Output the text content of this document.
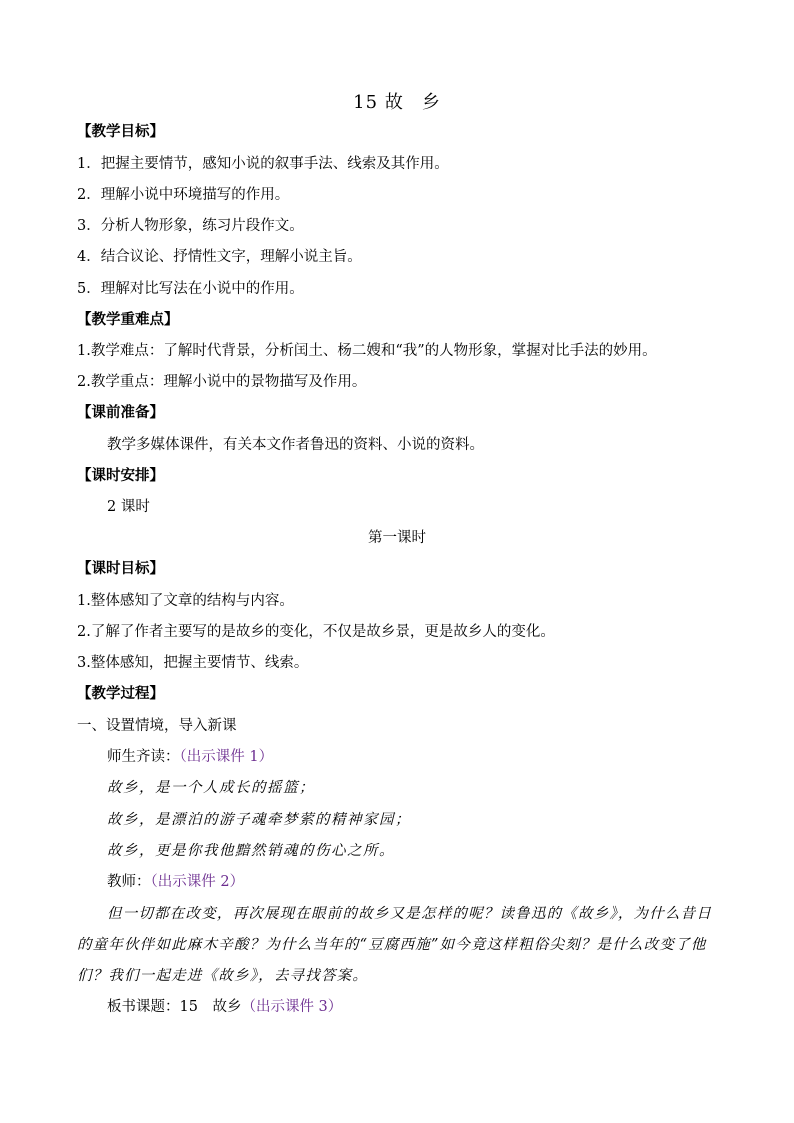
15 故 乡
【教学目标】
1．把握主要情节，感知小说的叙事手法、线索及其作用。
2．理解小说中环境描写的作用。
3．分析人物形象，练习片段作文。
4．结合议论、抒情性文字，理解小说主旨。
5．理解对比写法在小说中的作用。
【教学重难点】
1.教学难点：了解时代背景，分析闰土、杨二嫂和“我”的人物形象，掌握对比手法的妙用。
2.教学重点：理解小说中的景物描写及作用。
【课前准备】
教学多媒体课件，有关本文作者鲁迅的资料、小说的资料。
【课时安排】
2 课时
第一课时
【课时目标】
1.整体感知了文章的结构与内容。
2.了解了作者主要写的是故乡的变化，不仅是故乡景，更是故乡人的变化。
3.整体感知，把握主要情节、线索。
【教学过程】
一、设置情境，导入新课
师生齐读：（出示课件 1）
故乡，是一个人成长的摇篮；
故乡，是漂泊的游子魂牵梦萦的精神家园；
故乡，更是你我他黯然销魂的伤心之所。
教师：（出示课件 2）
但一切都在改变，再次展现在眼前的故乡又是怎样的呢？读鲁迅的《故乡》，为什么昔日的童年伙伴如此麻木辛酸？为什么当年的“豆腐西施”如今竟这样粗俗尖刻？是什么改变了他们？我们一起走进《故乡》，去寻找答案。
板书课题：15　故乡（出示课件 3）
